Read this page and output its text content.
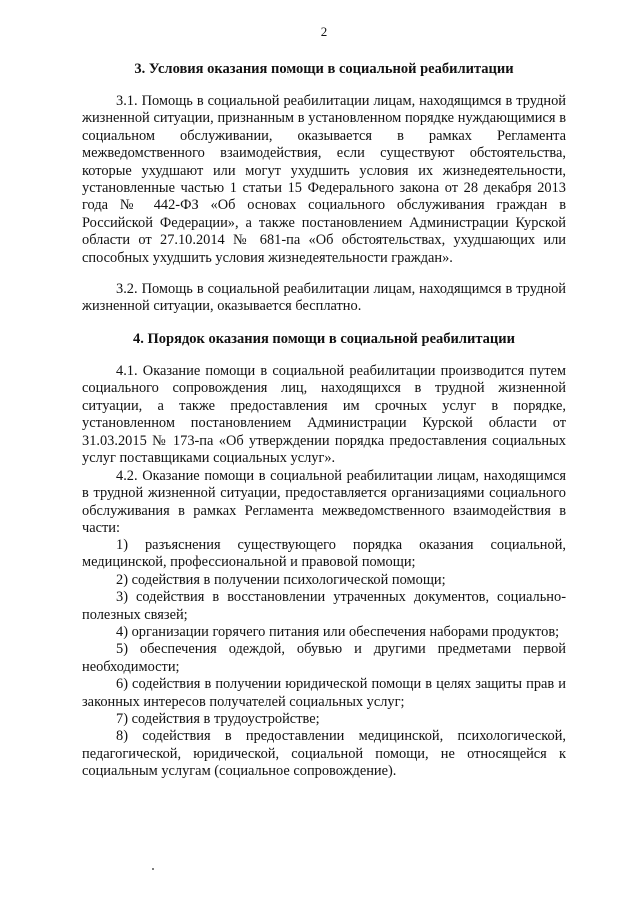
2
3. Условия оказания помощи в социальной реабилитации

3.1. Помощь в социальной реабилитации лицам, находящимся в трудной жизненной ситуации, признанным в установленном порядке нуждающимися в социальном обслуживании, оказывается в рамках Регламента межведомственного взаимодействия, если существуют обстоятельства, которые ухудшают или могут ухудшить условия их жизнедеятельности, установленные частью 1 статьи 15 Федерального закона от 28 декабря 2013 года № 442-ФЗ «Об основах социального обслуживания граждан в Российской Федерации», а также постановлением Администрации Курской области от 27.10.2014 № 681-па «Об обстоятельствах, ухудшающих или способных ухудшить условия жизнедеятельности граждан».

3.2. Помощь в социальной реабилитации лицам, находящимся в трудной жизненной ситуации, оказывается бесплатно.

4. Порядок оказания помощи в социальной реабилитации

4.1. Оказание помощи в социальной реабилитации производится путем социального сопровождения лиц, находящихся в трудной жизненной ситуации, а также предоставления им срочных услуг в порядке, установленном постановлением Администрации Курской области от 31.03.2015 № 173-па «Об утверждении порядка предоставления социальных услуг поставщиками социальных услуг».

4.2. Оказание помощи в социальной реабилитации лицам, находящимся в трудной жизненной ситуации, предоставляется организациями социального обслуживания в рамках Регламента межведомственного взаимодействия в части:

1) разъяснения существующего порядка оказания социальной, медицинской, профессиональной и правовой помощи;
2) содействия в получении психологической помощи;
3) содействия в восстановлении утраченных документов, социально-полезных связей;
4) организации горячего питания или обеспечения наборами продуктов;
5) обеспечения одеждой, обувью и другими предметами первой необходимости;
6) содействия в получении юридической помощи в целях защиты прав и законных интересов получателей социальных услуг;
7) содействия в трудоустройстве;
8) содействия в предоставлении медицинской, психологической, педагогической, юридической, социальной помощи, не относящейся к социальным услугам (социальное сопровождение).
